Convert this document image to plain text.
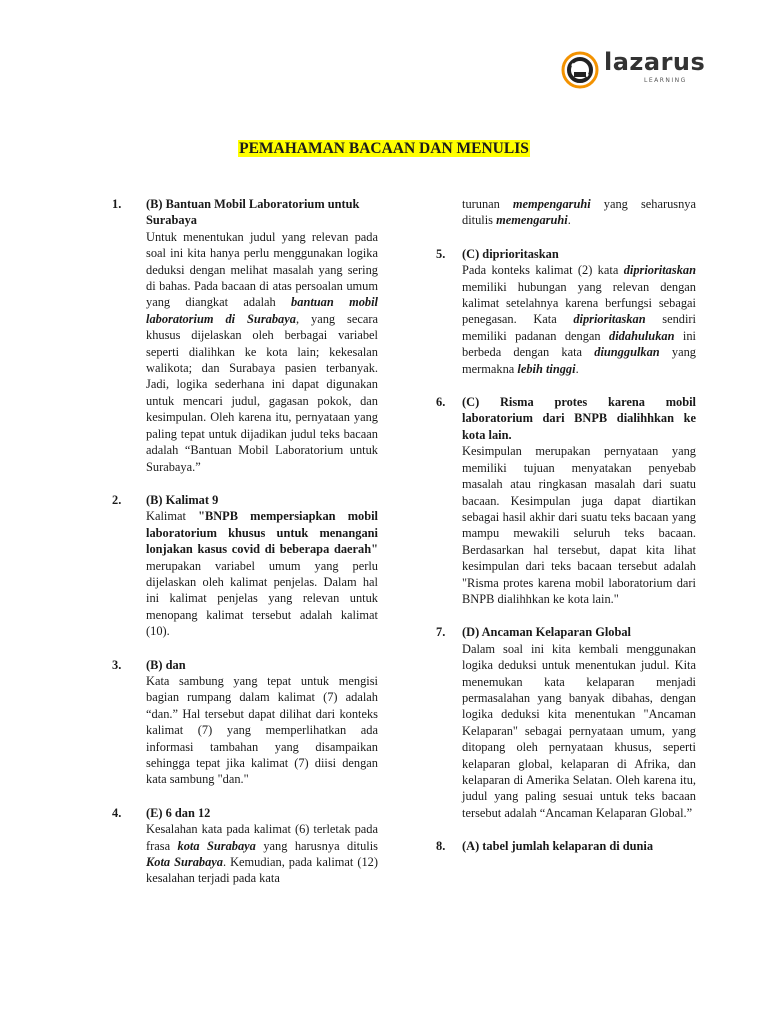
lazarus
LEARNING
PEMAHAMAN BACAAN DAN MENULIS
1. (B) Bantuan Mobil Laboratorium untuk Surabaya
Untuk menentukan judul yang relevan pada soal ini kita hanya perlu menggunakan logika deduksi dengan melihat masalah yang sering di bahas. Pada bacaan di atas persoalan umum yang diangkat adalah bantuan mobil laboratorium di Surabaya, yang secara khusus dijelaskan oleh berbagai variabel seperti dialihkan ke kota lain; kekesalan walikota; dan Surabaya pasien terbanyak. Jadi, logika sederhana ini dapat digunakan untuk mencari judul, gagasan pokok, dan kesimpulan. Oleh karena itu, pernyataan yang paling tepat untuk dijadikan judul teks bacaan adalah “Bantuan Mobil Laboratorium untuk Surabaya.”
2. (B) Kalimat 9
Kalimat "BNPB mempersiapkan mobil laboratorium khusus untuk menangani lonjakan kasus covid di beberapa daerah" merupakan variabel umum yang perlu dijelaskan oleh kalimat penjelas. Dalam hal ini kalimat penjelas yang relevan untuk menopang kalimat tersebut adalah kalimat (10).
3. (B) dan
Kata sambung yang tepat untuk mengisi bagian rumpang dalam kalimat (7) adalah “dan.” Hal tersebut dapat dilihat dari konteks kalimat (7) yang memperlihatkan ada informasi tambahan yang disampaikan sehingga tepat jika kalimat (7) diisi dengan kata sambung "dan."
4. (E) 6 dan 12
Kesalahan kata pada kalimat (6) terletak pada frasa kota Surabaya yang harusnya ditulis Kota Surabaya. Kemudian, pada kalimat (12) kesalahan terjadi pada kata
turunan mempengaruhi yang seharusnya ditulis memengaruhi.
5. (C) diprioritaskan
Pada konteks kalimat (2) kata diprioritaskan memiliki hubungan yang relevan dengan kalimat setelahnya karena berfungsi sebagai penegasan. Kata diprioritaskan sendiri memiliki padanan dengan didahulukan ini berbeda dengan kata diunggulkan yang mermakna lebih tinggi.
6. (C) Risma protes karena mobil laboratorium dari BNPB dialihhkan ke kota lain.
Kesimpulan merupakan pernyataan yang memiliki tujuan menyatakan penyebab masalah atau ringkasan masalah dari suatu bacaan. Kesimpulan juga dapat diartikan sebagai hasil akhir dari suatu teks bacaan yang mampu mewakili seluruh teks bacaan. Berdasarkan hal tersebut, dapat kita lihat kesimpulan dari teks bacaan tersebut adalah "Risma protes karena mobil laboratorium dari BNPB dialihhkan ke kota lain."
7. (D) Ancaman Kelaparan Global
Dalam soal ini kita kembali menggunakan logika deduksi untuk menentukan judul. Kita menemukan kata kelaparan menjadi permasalahan yang banyak dibahas, dengan logika deduksi kita menentukan "Ancaman Kelaparan" sebagai pernyataan umum, yang ditopang oleh pernyataan khusus, seperti kelaparan global, kelaparan di Afrika, dan kelaparan di Amerika Selatan. Oleh karena itu, judul yang paling sesuai untuk teks bacaan tersebut adalah “Ancaman Kelaparan Global.”
8. (A) tabel jumlah kelaparan di dunia
